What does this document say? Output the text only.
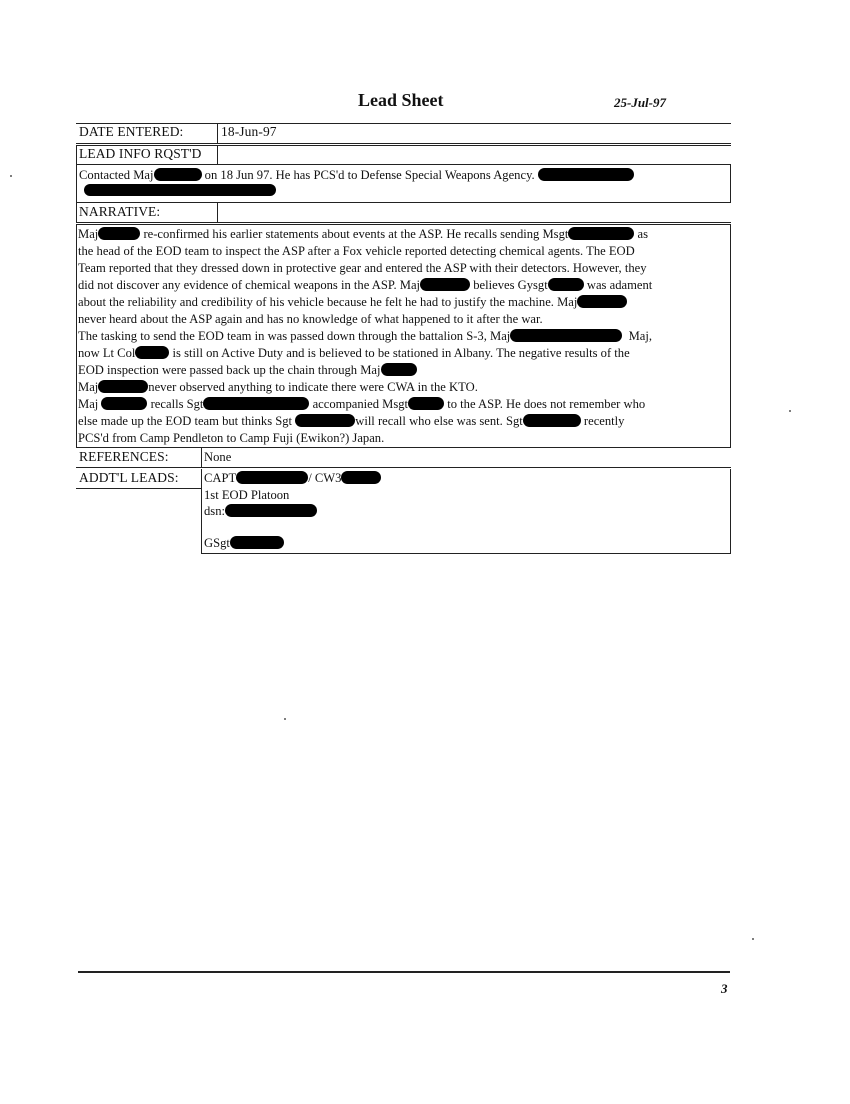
Lead Sheet	25-Jul-97
DATE ENTERED:	18-Jun-97
LEAD INFO RQST'D
Contacted Maj	on 18 Jun 97. He has PCS'd to Defense Special Weapons Agency.
NARRATIVE:
Maj	re-confirmed his earlier statements about events at the ASP. He recalls sending Msgt	as
the head of the EOD team to inspect the ASP after a Fox vehicle reported detecting chemical agents. The EOD
Team reported that they dressed down in protective gear and entered the ASP with their detectors. However, they
did not discover any evidence of chemical weapons in the ASP. Maj	believes Gysgt	was adament
about the reliability and credibility of his vehicle because he felt he had to justify the machine. Maj
never heard about the ASP again and has no knowledge of what happened to it after the war.
The tasking to send the EOD team in was passed down through the battalion S-3, Maj	Maj,
now Lt Col	is still on Active Duty and is believed to be stationed in Albany. The negative results of the
EOD inspection were passed back up the chain through Maj
Maj	never observed anything to indicate there were CWA in the KTO.
Maj	recalls Sgt	accompanied Msgt	to the ASP. He does not remember who
else made up the EOD team but thinks Sgt	will recall who else was sent. Sgt	recently
PCS'd from Camp Pendleton to Camp Fuji (Ewikon?) Japan.
REFERENCES:	None
ADDT'L LEADS: CAPT	/ CW3
1st EOD Platoon
dsn:
GSgt
3
